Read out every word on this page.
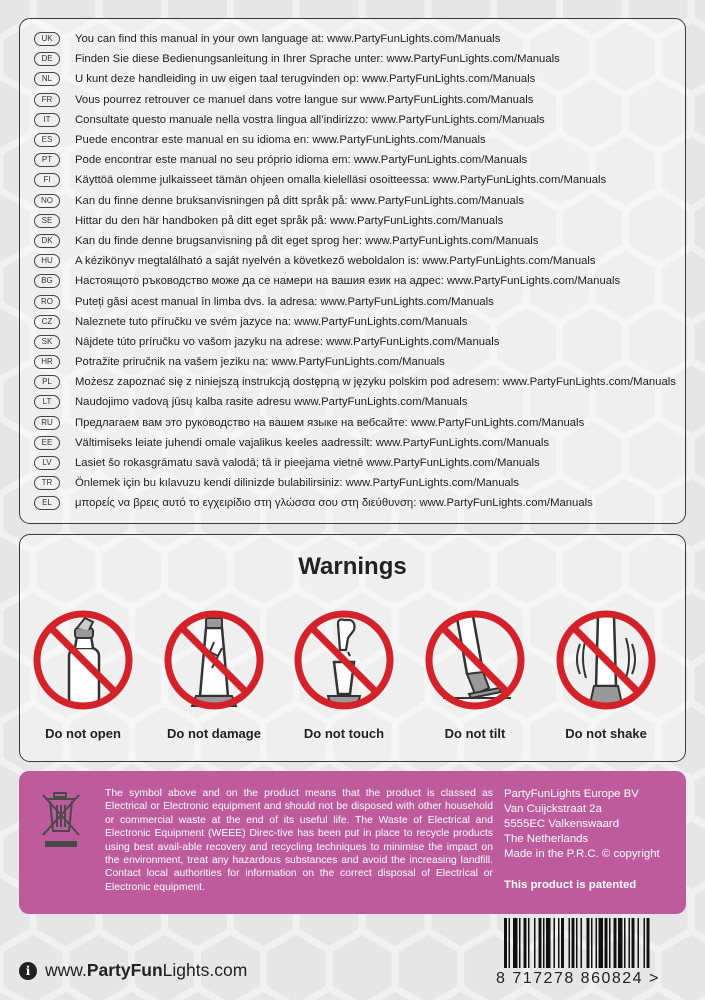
UK	You can find this manual in your own language at: www.PartyFunLights.com/Manuals
DE	Finden Sie diese Bedienungsanleitung in Ihrer Sprache unter: www.PartyFunLights.com/Manuals
NL	U kunt deze handleiding in uw eigen taal terugvinden op: www.PartyFunLights.com/Manuals
FR	Vous pourrez retrouver ce manuel dans votre langue sur www.PartyFunLights.com/Manuals
IT	Consultate questo manuale nella vostra lingua all’indirizzo: www.PartyFunLights.com/Manuals
ES	Puede encontrar este manual en su idioma en: www.PartyFunLights.com/Manuals
PT	Pode encontrar este manual no seu próprio idioma em: www.PartyFunLights.com/Manuals
FI	Käyttöä olemme julkaisseet tämän ohjeen omalla kielelläsi osoitteessa: www.PartyFunLights.com/Manuals
NO	Kan du finne denne bruksanvisningen på ditt språk på: www.PartyFunLights.com/Manuals
SE	Hittar du den här handboken på ditt eget språk på: www.PartyFunLights.com/Manuals
DK	Kan du finde denne brugsanvisning på dit eget sprog her: www.PartyFunLights.com/Manuals
HU	A kézikönyv megtalálható a saját nyelvén a következő weboldalon is: www.PartyFunLights.com/Manuals
BG	Настоящото ръководство може да се намери на вашия език на адрес: www.PartyFunLights.com/Manuals
RO	Puteți găsi acest manual în limba dvs. la adresa: www.PartyFunLights.com/Manuals
CZ	Naleznete tuto příručku ve svém jazyce na: www.PartyFunLights.com/Manuals
SK	Nájdete túto príručku vo vašom jazyku na adrese: www.PartyFunLights.com/Manuals
HR	Potražite priručnik na vašem jeziku na: www.PartyFunLights.com/Manuals
PL	Możesz zapoznać się z niniejszą instrukcją dostępną w języku polskim pod adresem: www.PartyFunLights.com/Manuals
LT	Naudojimo vadovą jūsų kalba rasite adresu www.PartyFunLights.com/Manuals
RU	Предлагаем вам это руководство на вашем языке на вебсайте: www.PartyFunLights.com/Manuals
EE	Vältimiseks leiate juhendi omale vajalikus keeles aadressilt: www.PartyFunLights.com/Manuals
LV	Lasiet šo rokasgrāmatu savā valodā; tā ir pieejama vietnē www.PartyFunLights.com/Manuals
TR	Önlemek için bu kılavuzu kendi dilinizde bulabilirsiniz: www.PartyFunLights.com/Manuals
EL	μπορείς να βρεις αυτό το εγχειρίδιο στη γλώσσα σου στη διεύθυνση: www.PartyFunLights.com/Manuals
Warnings
Do not open	Do not damage	Do not touch	Do not tilt	Do not shake
The symbol above and on the product means that the product is classed as Electrical or Electronic equipment and should not be disposed with other household or commercial waste at the end of its useful life. The Waste of Electrical and Electronic Equipment (WEEE) Direc-tive has been put in place to recycle products using best avail-able recovery and recycling techniques to minimise the impact on the environment, treat any hazardous substances and avoid the increasing landfill. Contact local authorities for information on the correct disposal of Electrical or Electronic equipment.
PartyFunLights Europe BV
Van Cuijckstraat 2a
5555EC Valkenswaard
The Netherlands
Made in the P.R.C. © copyright
This product is patented
i www.PartyFunLights.com	8 717278 860824 >
